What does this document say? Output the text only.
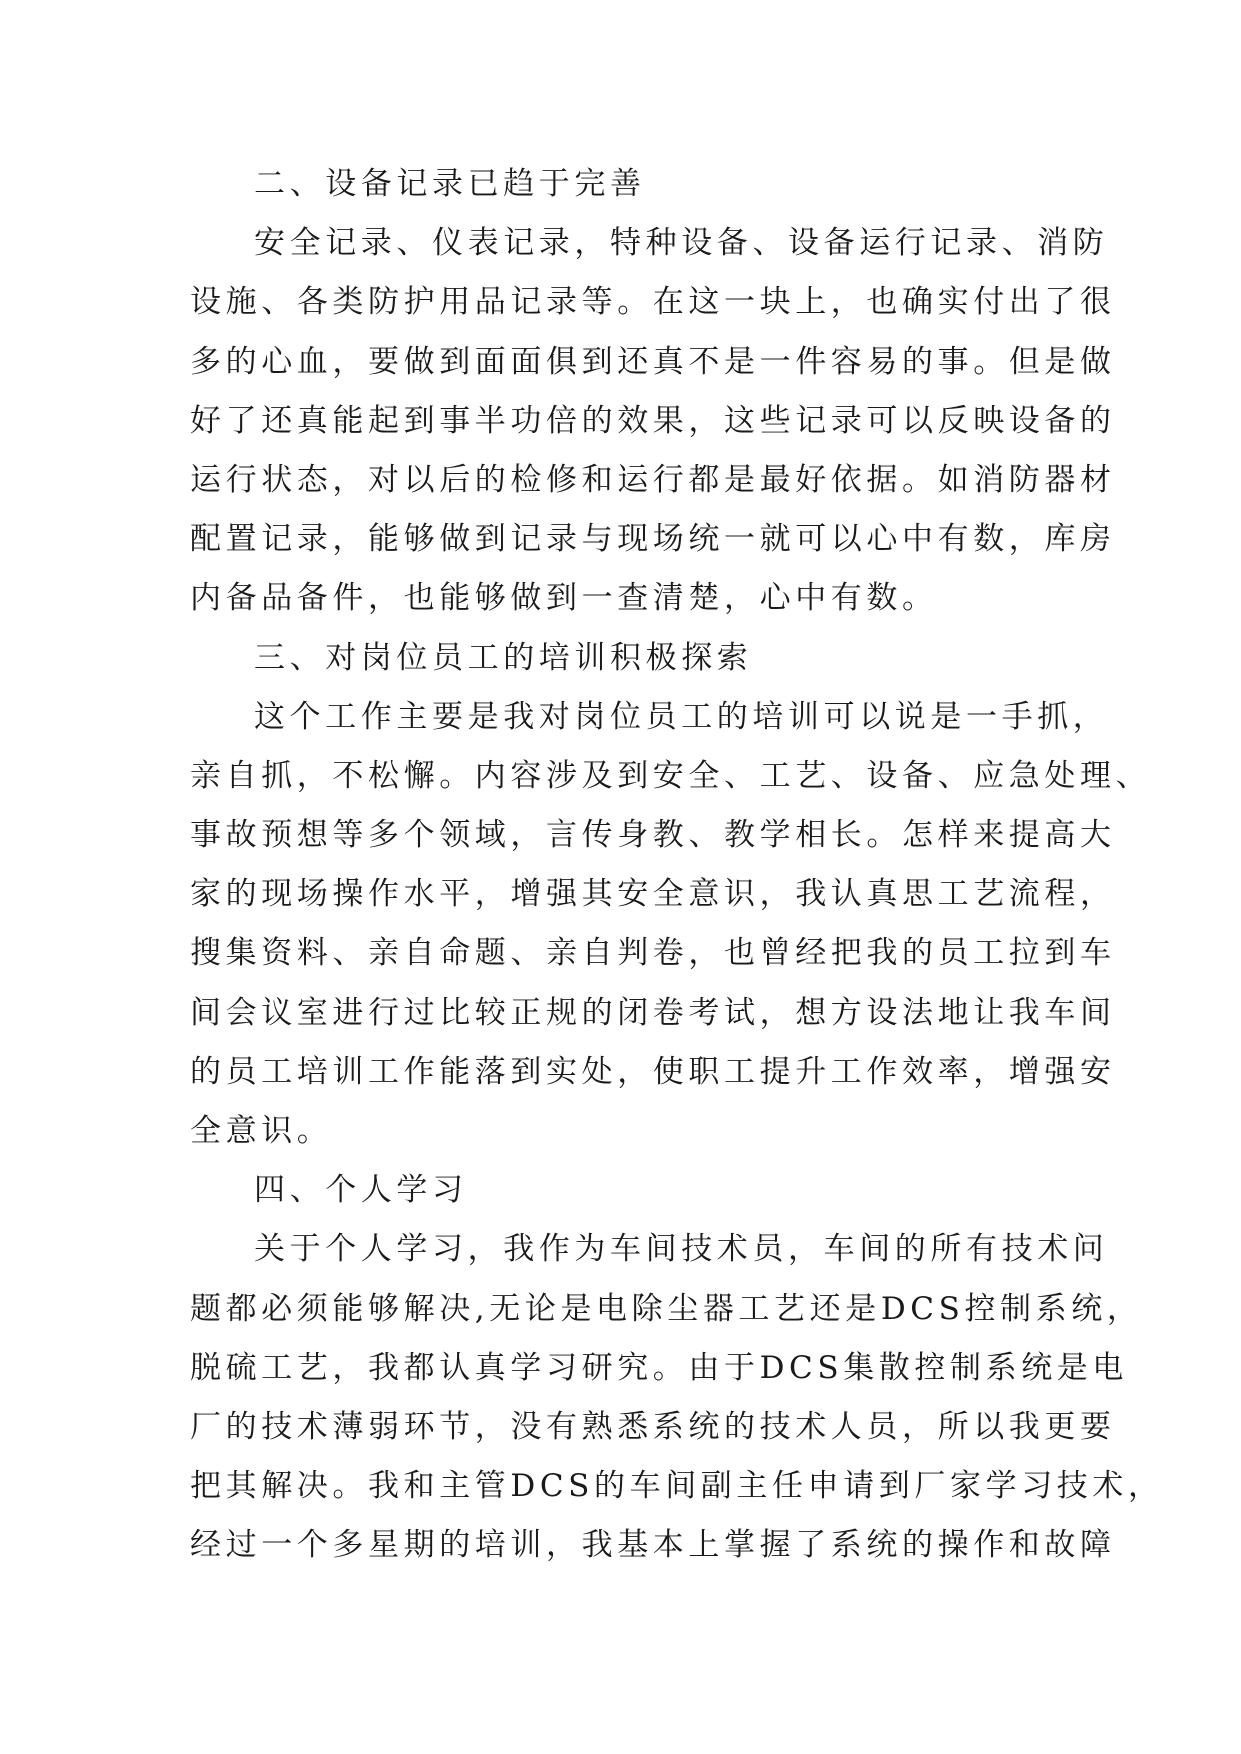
二、设备记录已趋于完善
安全记录、仪表记录，特种设备、设备运行记录、消防
设施、各类防护用品记录等。在这一块上，也确实付出了很
多的心血，要做到面面俱到还真不是一件容易的事。但是做
好了还真能起到事半功倍的效果，这些记录可以反映设备的
运行状态，对以后的检修和运行都是最好依据。如消防器材
配置记录，能够做到记录与现场统一就可以心中有数，库房
内备品备件，也能够做到一查清楚，心中有数。
三、对岗位员工的培训积极探索
这个工作主要是我对岗位员工的培训可以说是一手抓，
亲自抓，不松懈。内容涉及到安全、工艺、设备、应急处理、
事故预想等多个领域，言传身教、教学相长。怎样来提高大
家的现场操作水平，增强其安全意识，我认真思工艺流程，
搜集资料、亲自命题、亲自判卷，也曾经把我的员工拉到车
间会议室进行过比较正规的闭卷考试，想方设法地让我车间
的员工培训工作能落到实处，使职工提升工作效率，增强安
全意识。
四、个人学习
关于个人学习，我作为车间技术员，车间的所有技术问
题都必须能够解决,无论是电除尘器工艺还是DCS控制系统，
脱硫工艺，我都认真学习研究。由于DCS集散控制系统是电
厂的技术薄弱环节，没有熟悉系统的技术人员，所以我更要
把其解决。我和主管DCS的车间副主任申请到厂家学习技术，
经过一个多星期的培训，我基本上掌握了系统的操作和故障
